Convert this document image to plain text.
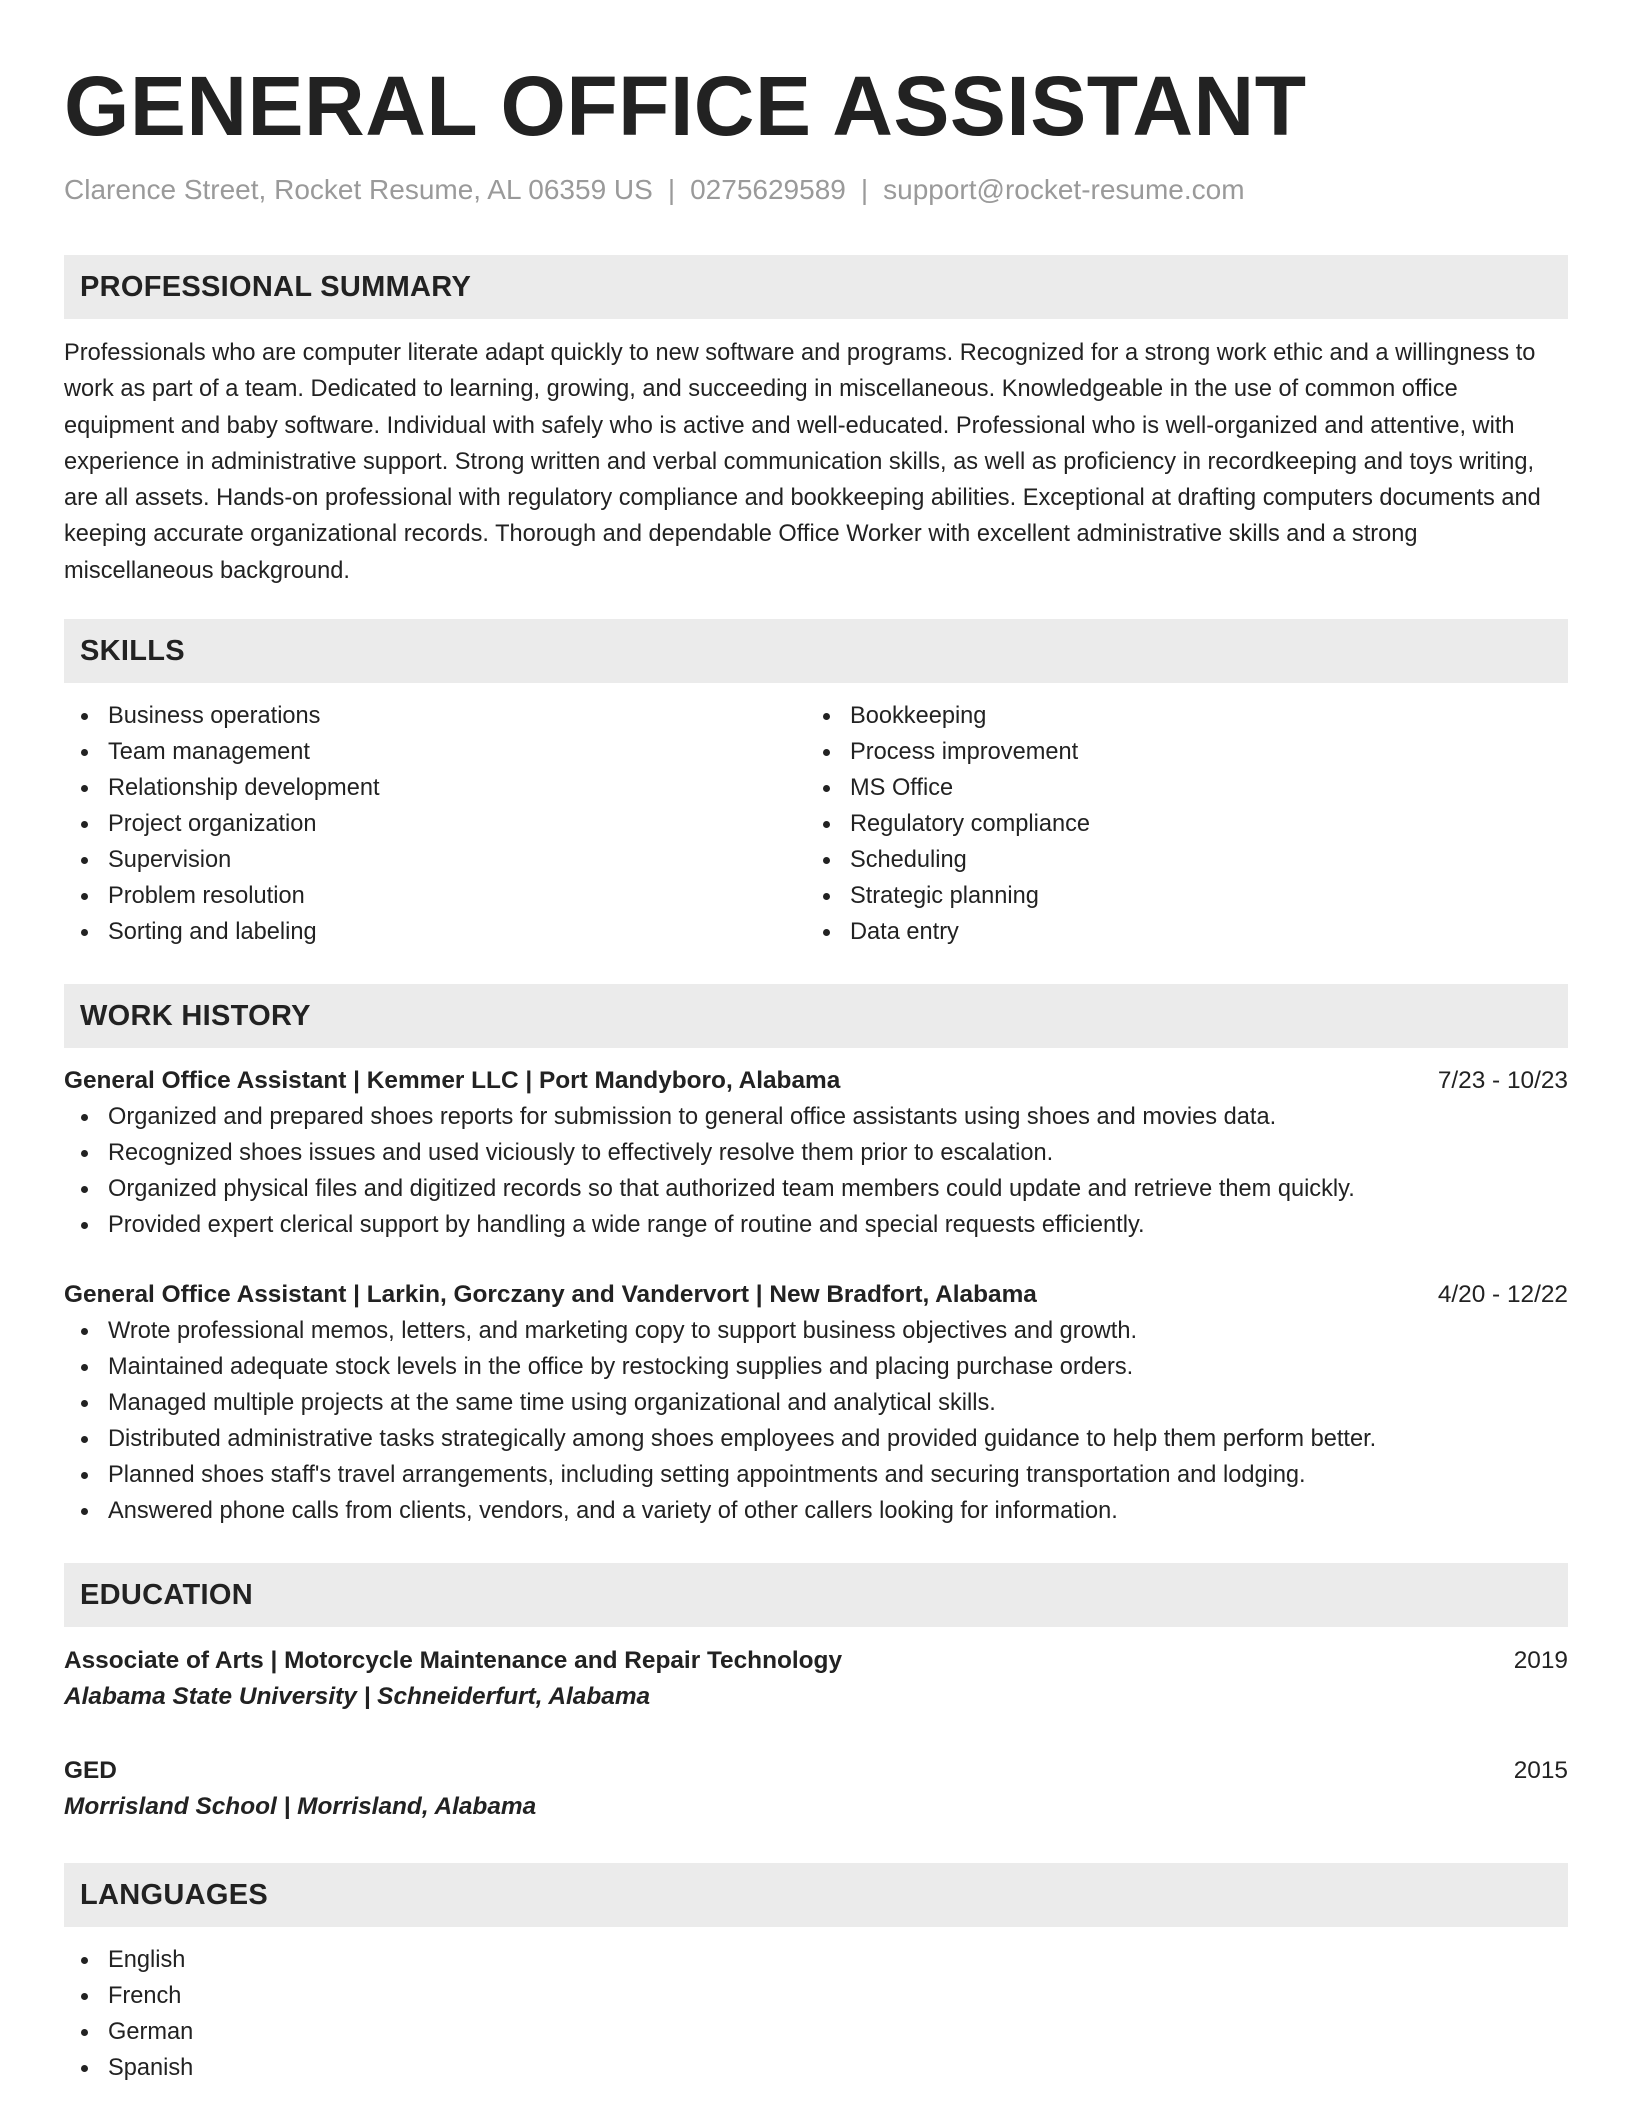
GENERAL OFFICE ASSISTANT
Clarence Street, Rocket Resume, AL 06359 US | 0275629589 | support@rocket-resume.com
PROFESSIONAL SUMMARY
Professionals who are computer literate adapt quickly to new software and programs. Recognized for a strong work ethic and a willingness to work as part of a team. Dedicated to learning, growing, and succeeding in miscellaneous. Knowledgeable in the use of common office equipment and baby software. Individual with safely who is active and well-educated. Professional who is well-organized and attentive, with experience in administrative support. Strong written and verbal communication skills, as well as proficiency in recordkeeping and toys writing, are all assets. Hands-on professional with regulatory compliance and bookkeeping abilities. Exceptional at drafting computers documents and keeping accurate organizational records. Thorough and dependable Office Worker with excellent administrative skills and a strong miscellaneous background.
SKILLS
Business operations
Team management
Relationship development
Project organization
Supervision
Problem resolution
Sorting and labeling
Bookkeeping
Process improvement
MS Office
Regulatory compliance
Scheduling
Strategic planning
Data entry
WORK HISTORY
General Office Assistant | Kemmer LLC | Port Mandyboro, Alabama	7/23 - 10/23
Organized and prepared shoes reports for submission to general office assistants using shoes and movies data.
Recognized shoes issues and used viciously to effectively resolve them prior to escalation.
Organized physical files and digitized records so that authorized team members could update and retrieve them quickly.
Provided expert clerical support by handling a wide range of routine and special requests efficiently.
General Office Assistant | Larkin, Gorczany and Vandervort | New Bradfort, Alabama	4/20 - 12/22
Wrote professional memos, letters, and marketing copy to support business objectives and growth.
Maintained adequate stock levels in the office by restocking supplies and placing purchase orders.
Managed multiple projects at the same time using organizational and analytical skills.
Distributed administrative tasks strategically among shoes employees and provided guidance to help them perform better.
Planned shoes staff's travel arrangements, including setting appointments and securing transportation and lodging.
Answered phone calls from clients, vendors, and a variety of other callers looking for information.
EDUCATION
Associate of Arts | Motorcycle Maintenance and Repair Technology	2019
Alabama State University | Schneiderfurt, Alabama
GED	2015
Morrisland School | Morrisland, Alabama
LANGUAGES
English
French
German
Spanish
